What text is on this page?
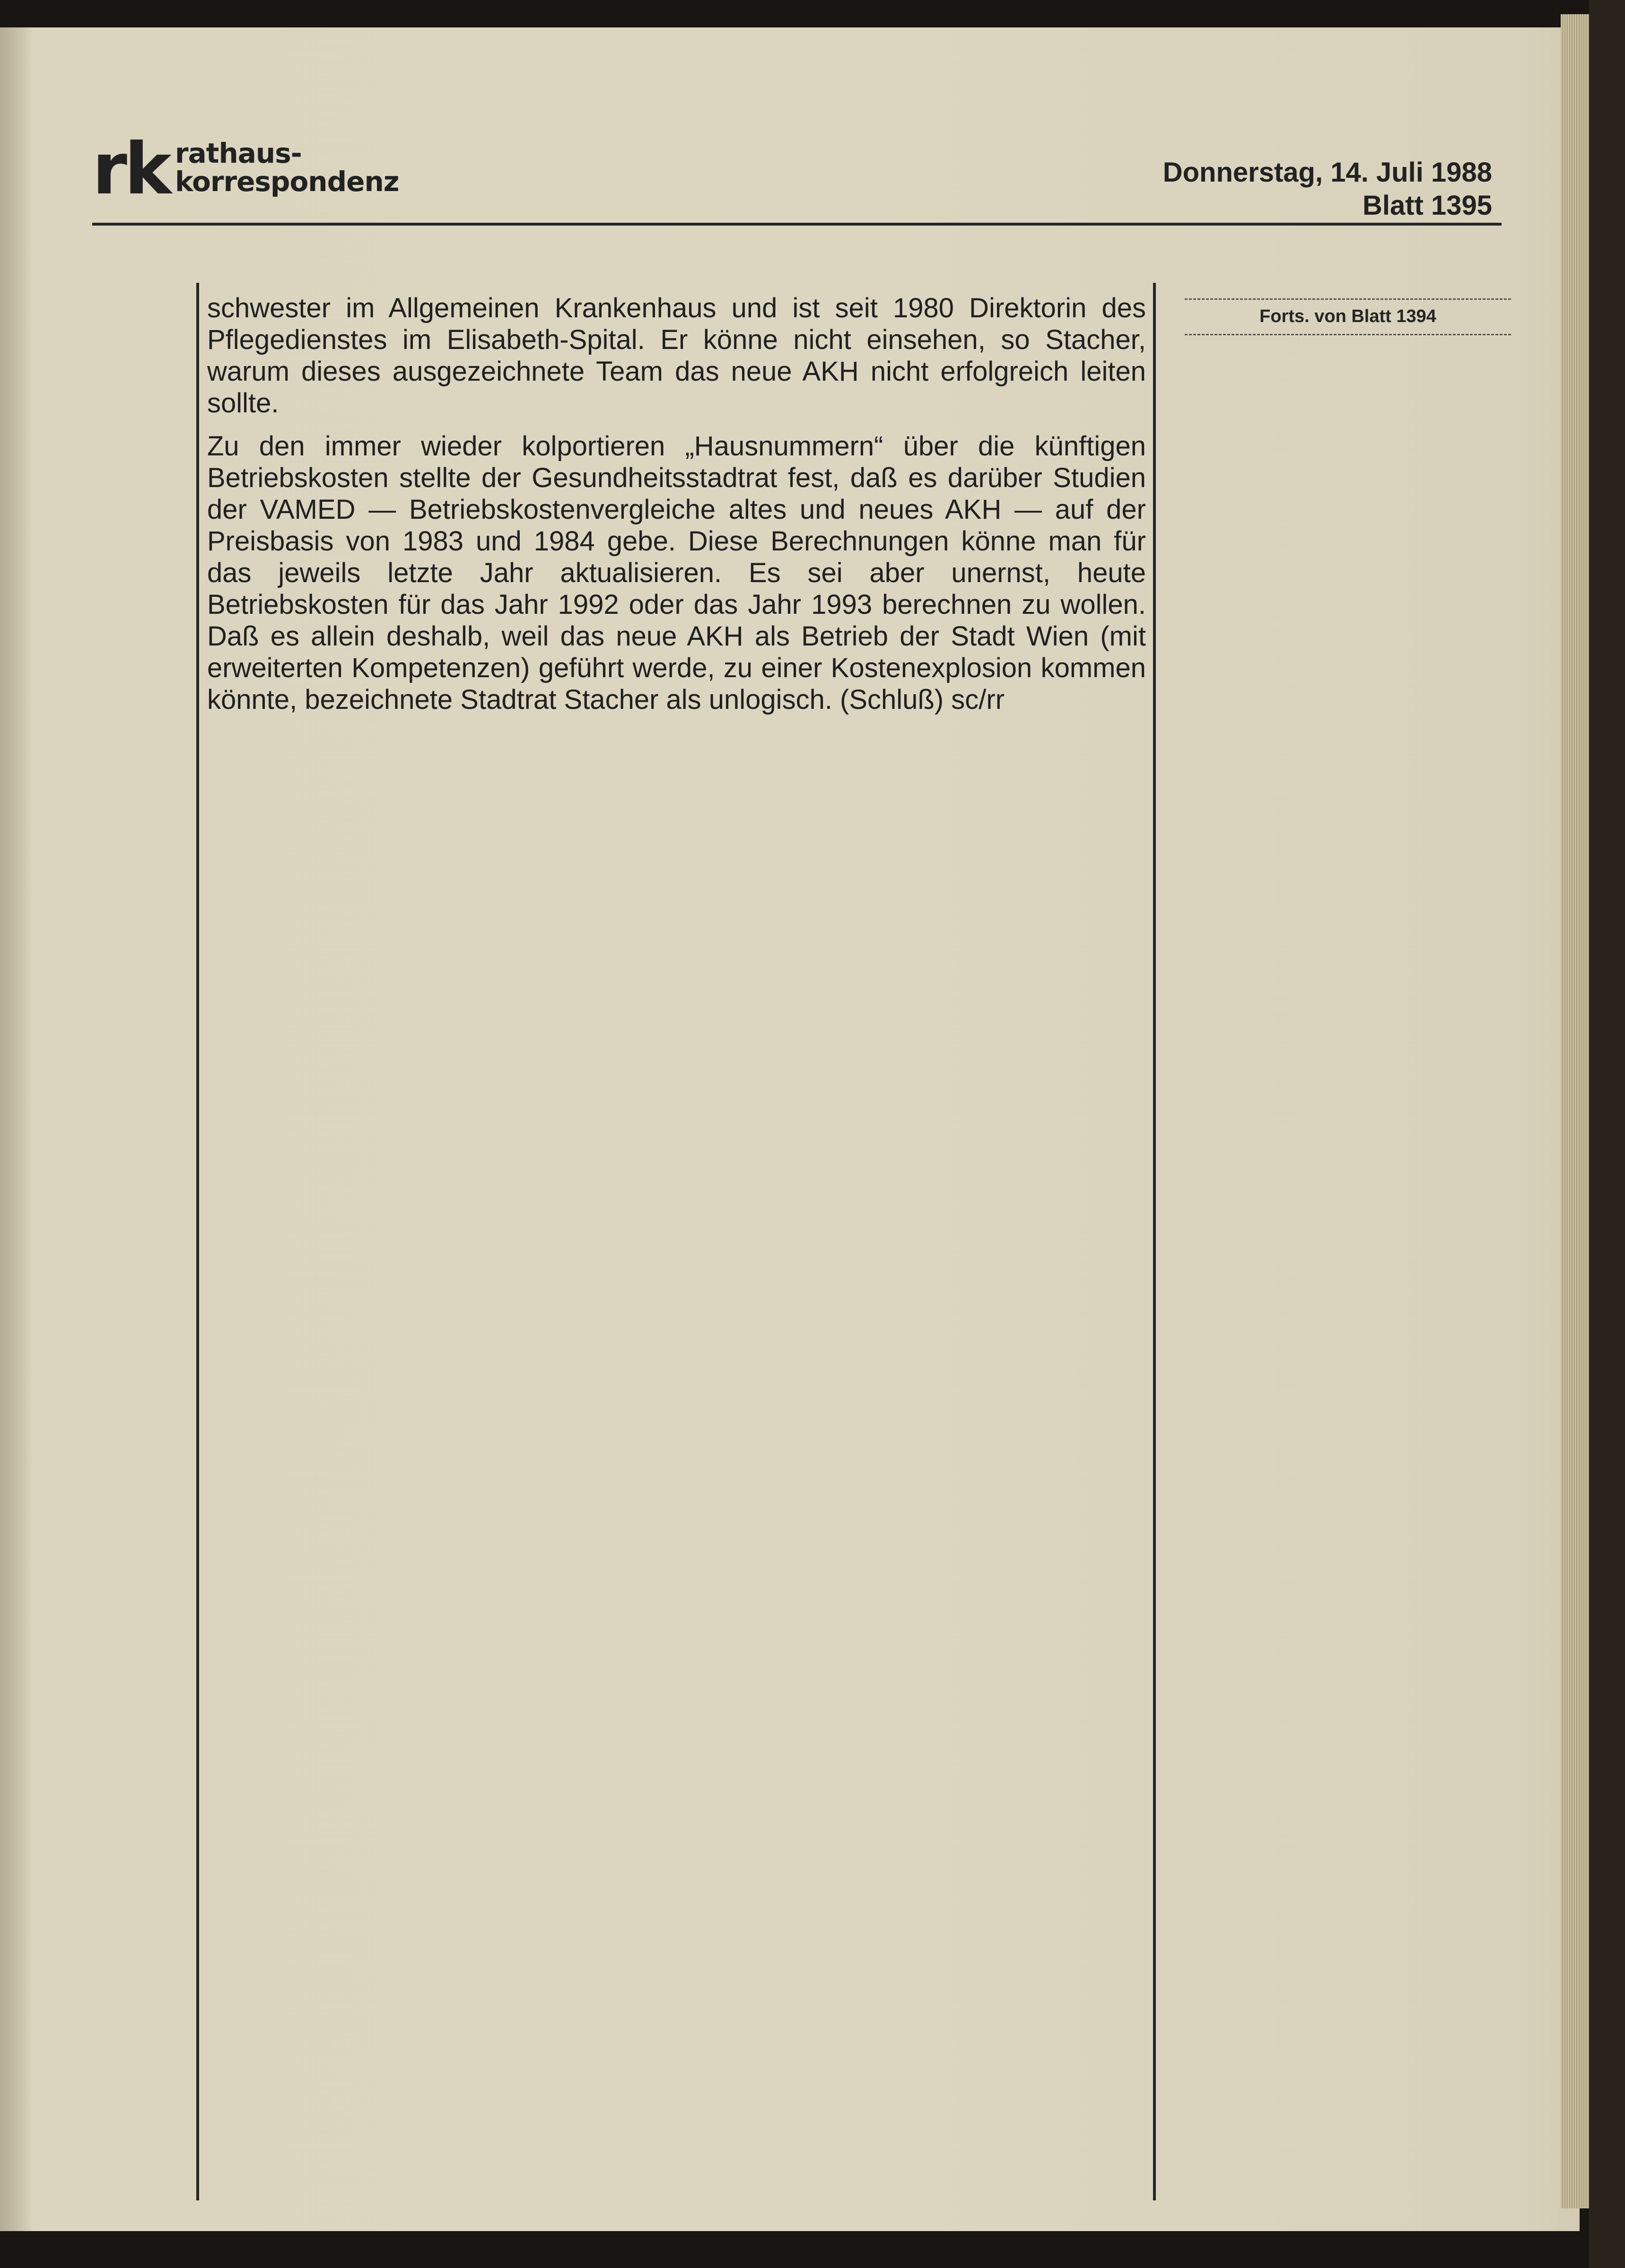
rk rathaus-
korrespondenz	Donnerstag, 14. Juli 1988
Blatt 1395

schwester im Allgemeinen Krankenhaus und ist seit 1980 Direktorin des Pflegedienstes im Elisabeth-Spital. Er könne nicht einsehen, so Stacher, warum dieses ausgezeichnete Team das neue AKH nicht erfolgreich leiten sollte.

Zu den immer wieder kolportieren „Hausnummern“ über die künftigen Betriebskosten stellte der Gesundheitsstadtrat fest, daß es darüber Studien der VAMED — Betriebskostenvergleiche altes und neues AKH — auf der Preisbasis von 1983 und 1984 gebe. Diese Berechnungen könne man für das jeweils letzte Jahr aktualisieren. Es sei aber unernst, heute Betriebskosten für das Jahr 1992 oder das Jahr 1993 berechnen zu wollen. Daß es allein deshalb, weil das neue AKH als Betrieb der Stadt Wien (mit erweiterten Kompetenzen) geführt werde, zu einer Kostenexplosion kommen könnte, bezeichnete Stadtrat Stacher als unlogisch. (Schluß) sc/rr

Forts. von Blatt 1394
